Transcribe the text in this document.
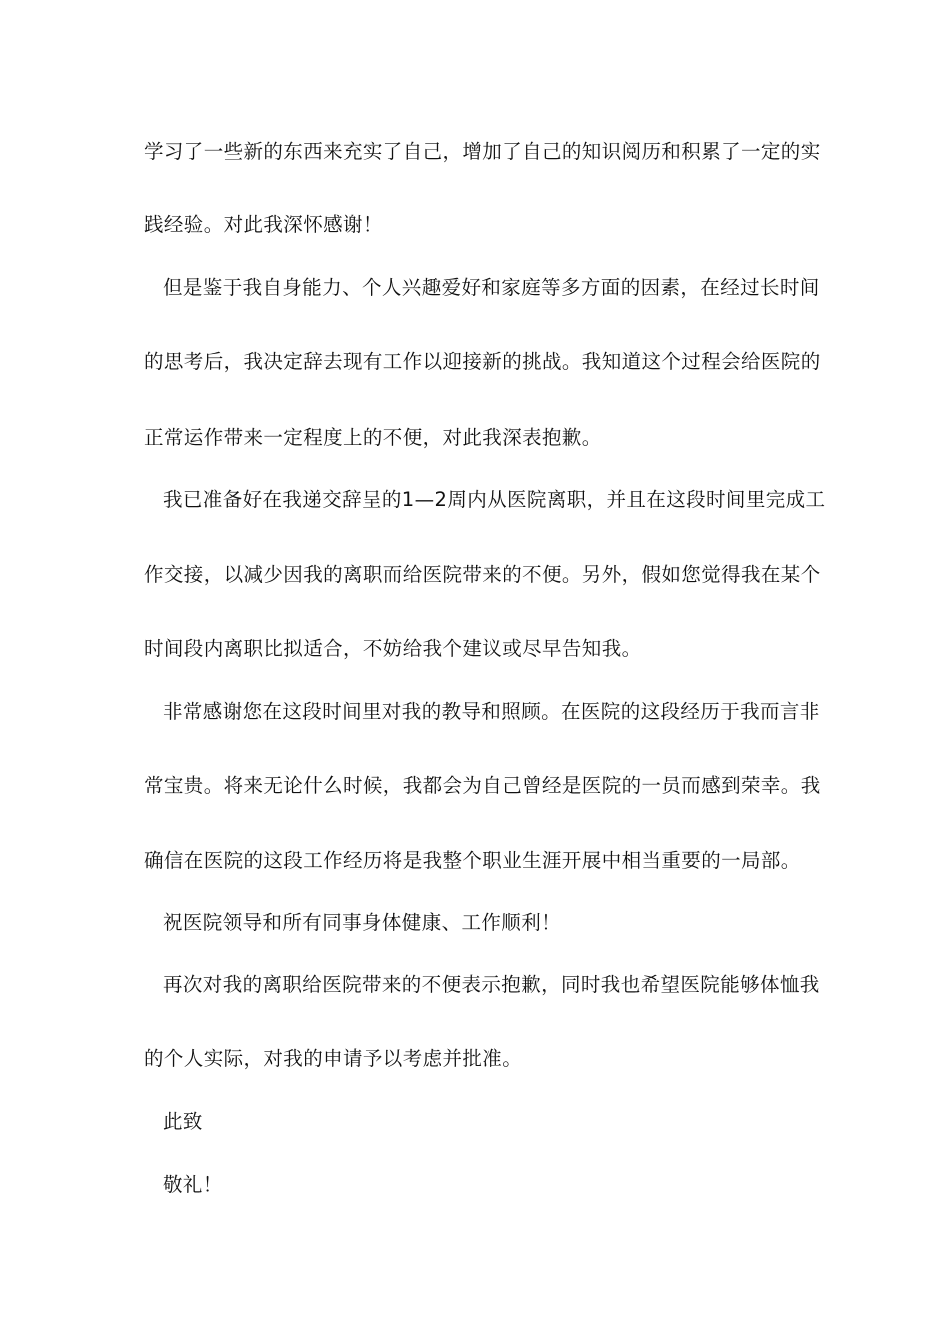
学习了一些新的东西来充实了自己，增加了自己的知识阅历和积累了一定的实
践经验。对此我深怀感谢！
但是鉴于我自身能力、个人兴趣爱好和家庭等多方面的因素，在经过长时间
的思考后，我决定辞去现有工作以迎接新的挑战。我知道这个过程会给医院的
正常运作带来一定程度上的不便，对此我深表抱歉。
我已准备好在我递交辞呈的1—2周内从医院离职，并且在这段时间里完成工
作交接，以减少因我的离职而给医院带来的不便。另外，假如您觉得我在某个
时间段内离职比拟适合，不妨给我个建议或尽早告知我。
非常感谢您在这段时间里对我的教导和照顾。在医院的这段经历于我而言非
常宝贵。将来无论什么时候，我都会为自己曾经是医院的一员而感到荣幸。我
确信在医院的这段工作经历将是我整个职业生涯开展中相当重要的一局部。
祝医院领导和所有同事身体健康、工作顺利！
再次对我的离职给医院带来的不便表示抱歉，同时我也希望医院能够体恤我
的个人实际，对我的申请予以考虑并批准。
此致
敬礼！
